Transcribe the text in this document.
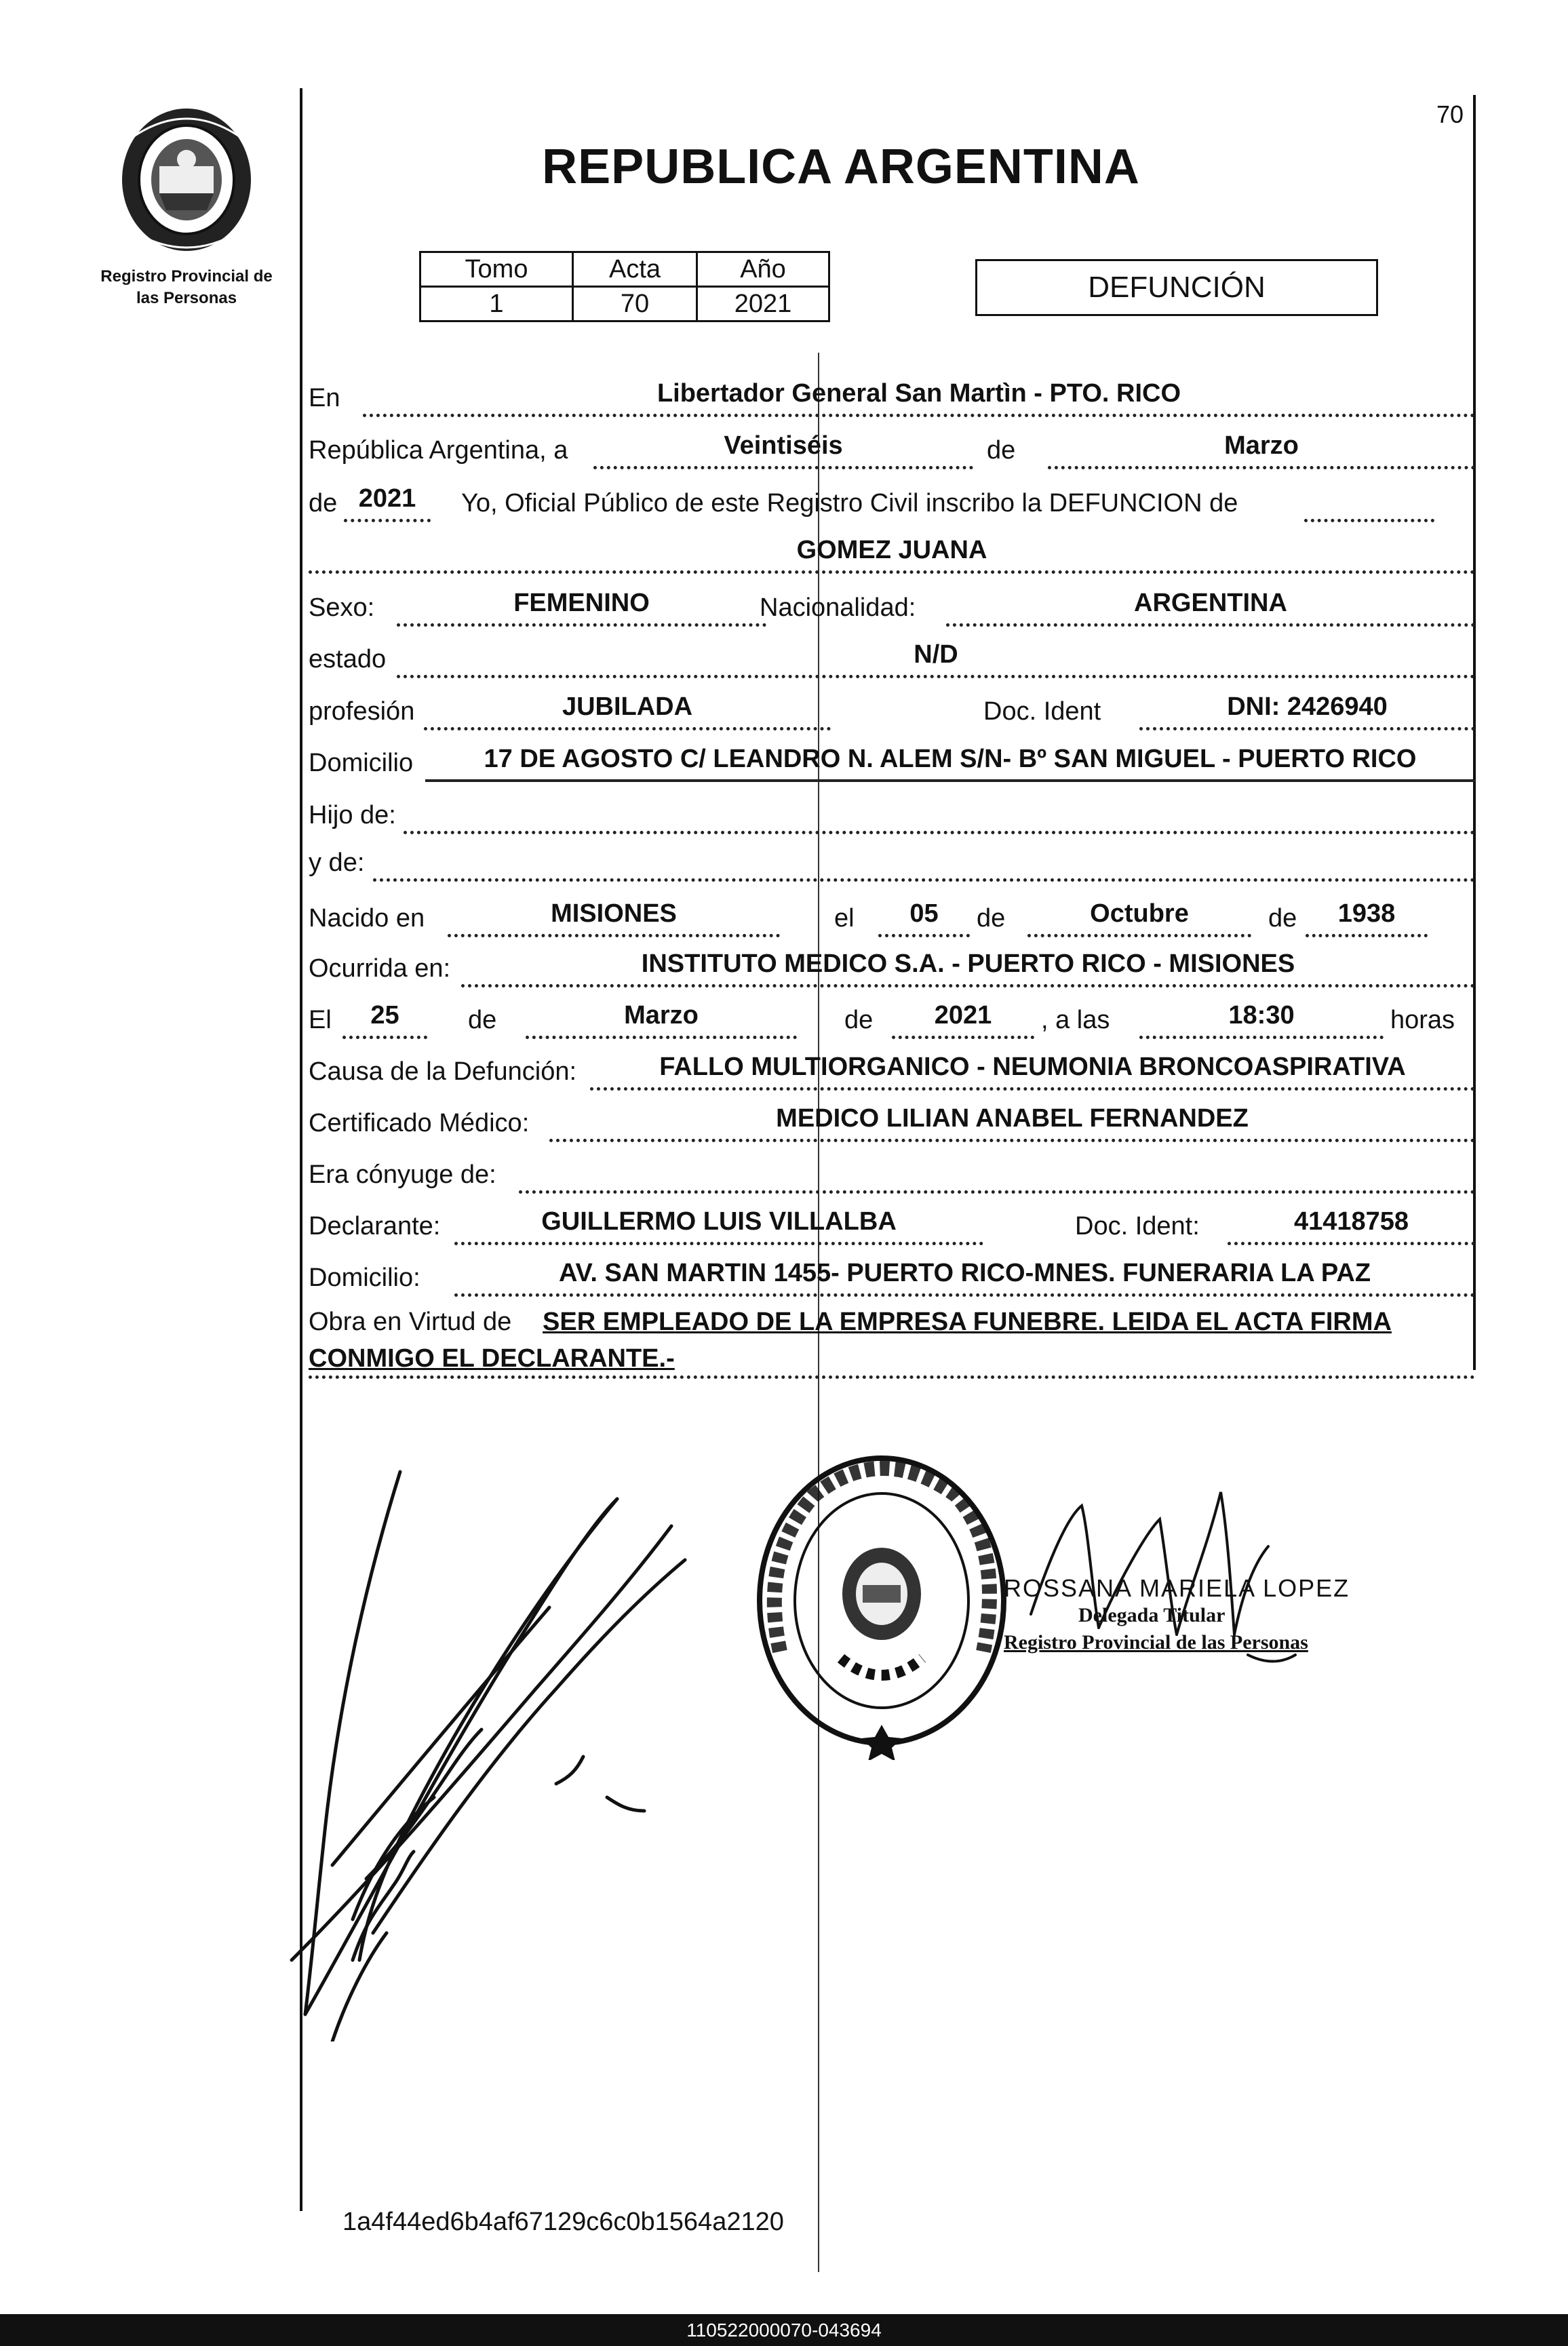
Registro Provincial de
las Personas
70
REPUBLICA ARGENTINA
Tomo	Acta	Año
1	70	2021	DEFUNCIÓN
En	Libertador General San Martìn - PTO. RICO
República Argentina, a	Veintiséis	de	Marzo
de 2021	Yo, Oficial Público de este Registro Civil inscribo la DEFUNCION de
GOMEZ JUANA
Sexo:	FEMENINO	Nacionalidad:	ARGENTINA
estado	N/D
profesión	JUBILADA	Doc. Ident	DNI: 2426940
Domicilio	17 DE AGOSTO C/ LEANDRO N. ALEM S/N- Bº SAN MIGUEL - PUERTO RICO
Hijo de:
y de:
Nacido en	MISIONES	el	05	de	Octubre	de	1938
Ocurrida en:	INSTITUTO MEDICO S.A. - PUERTO RICO - MISIONES
El	25	de	Marzo	de	2021	, a las	18:30	horas
Causa de la Defunción:	FALLO MULTIORGANICO - NEUMONIA BRONCOASPIRATIVA
Certificado Médico:	MEDICO LILIAN ANABEL FERNANDEZ
Era cónyuge de:
Declarante:	GUILLERMO LUIS VILLALBA	Doc. Ident:	41418758
Domicilio:	AV. SAN MARTIN 1455- PUERTO RICO-MNES. FUNERARIA LA PAZ
Obra en Virtud de SER EMPLEADO DE LA EMPRESA FUNEBRE. LEIDA EL ACTA FIRMA
CONMIGO EL DECLARANTE.-
ROSSANA MARIELA LOPEZ
Delegada Titular
Registro Provincial de las Personas
1a4f44ed6b4af67129c6c0b1564a2120
110522000070-043694
